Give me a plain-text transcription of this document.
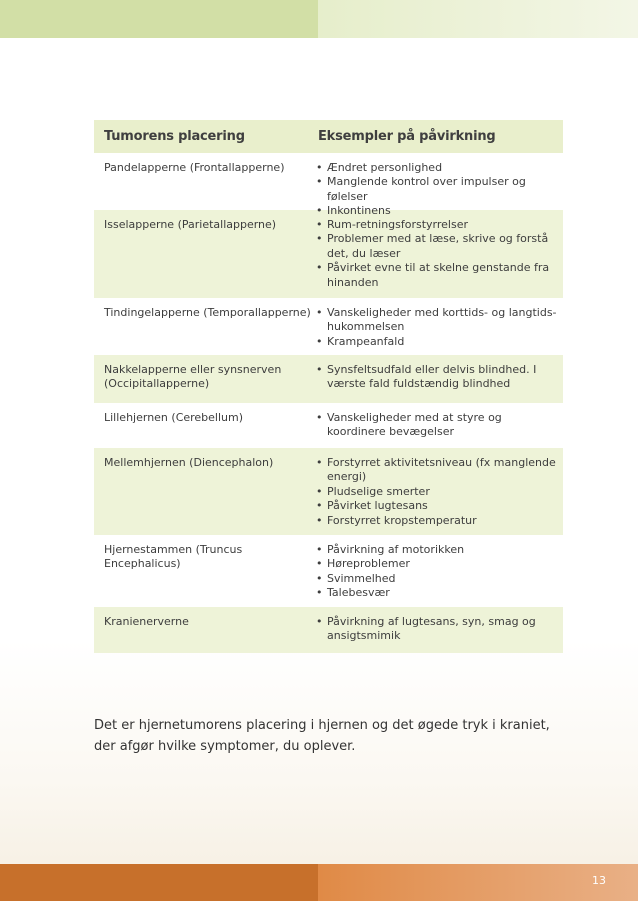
Tumorens placering	Eksempler på påvirkning
Pandelapperne (Frontallapperne)	• Ændret personlighed
• Manglende kontrol over impulser og følelser
• Inkontinens
Isselapperne (Parietallapperne)	• Rum-retningsforstyrrelser
• Problemer med at læse, skrive og forstå det, du læser
• Påvirket evne til at skelne genstande fra hinanden
Tindingelapperne (Temporallapperne)	• Vanskeligheder med korttids- og langtids-hukommelsen
• Krampeanfald
Nakkelapperne eller synsnerven (Occipitallapperne)
• Synsfeltsudfald eller delvis blindhed. I værste fald fuldstændig blindhed
Lillehjernen (Cerebellum)	• Vanskeligheder med at styre og koordinere bevægelser
Mellemhjernen (Diencephalon)	• Forstyrret aktivitetsniveau (fx manglende energi)
• Pludselige smerter
• Påvirket lugtesans
• Forstyrret kropstemperatur
Hjernestammen (Truncus Encephalicus)
• Påvirkning af motorikken
• Høreproblemer
• Svimmelhed
• Talebesvær
Kranienerverne	• Påvirkning af lugtesans, syn, smag og ansigtsmimik

Det er hjernetumorens placering i hjernen og det øgede tryk i kraniet, der afgør hvilke symptomer, du oplever.

13
